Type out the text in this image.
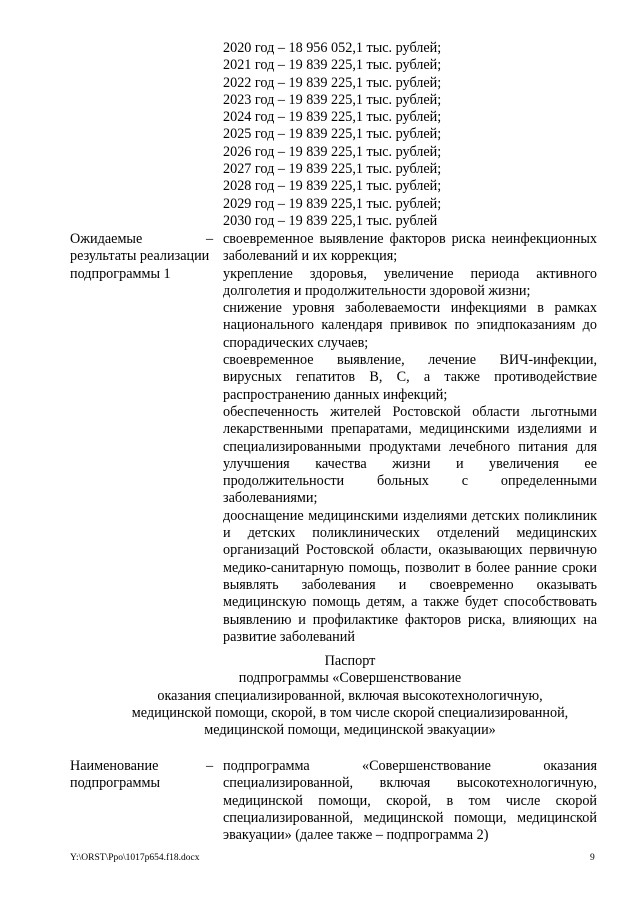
2020 год – 18 956 052,1 тыс. рублей;
2021 год – 19 839 225,1 тыс. рублей;
2022 год – 19 839 225,1 тыс. рублей;
2023 год – 19 839 225,1 тыс. рублей;
2024 год – 19 839 225,1 тыс. рублей;
2025 год – 19 839 225,1 тыс. рублей;
2026 год – 19 839 225,1 тыс. рублей;
2027 год – 19 839 225,1 тыс. рублей;
2028 год – 19 839 225,1 тыс. рублей;
2029 год – 19 839 225,1 тыс. рублей;
2030 год – 19 839 225,1 тыс. рублей
Ожидаемые результаты реализации подпрограммы 1
– своевременное выявление факторов риска неинфекционных заболеваний и их коррекция;
укрепление здоровья, увеличение периода активного долголетия и продолжительности здоровой жизни;
снижение уровня заболеваемости инфекциями в рамках национального календаря прививок по эпидпоказаниям до спорадических случаев;
своевременное выявление, лечение ВИЧ-инфекции, вирусных гепатитов В, С, а также противодействие распространению данных инфекций;
обеспеченность жителей Ростовской области льготными лекарственными препаратами, медицинскими изделиями и специализированными продуктами лечебного питания для улучшения качества жизни и увеличения ее продолжительности больных с определенными заболеваниями;
дооснащение медицинскими изделиями детских поликлиник и детских поликлинических отделений медицинских организаций Ростовской области, оказывающих первичную медико-санитарную помощь, позволит в более ранние сроки выявлять заболевания и своевременно оказывать медицинскую помощь детям, а также будет способствовать выявлению и профилактике факторов риска, влияющих на развитие заболеваний
Паспорт
подпрограммы «Совершенствование
оказания специализированной, включая высокотехнологичную,
медицинской помощи, скорой, в том числе скорой специализированной,
медицинской помощи, медицинской эвакуации»
Наименование подпрограммы
– подпрограмма «Совершенствование оказания специализированной, включая высокотехнологичную, медицинской помощи, скорой, в том числе скорой специализированной, медицинской помощи, медицинской эвакуации» (далее также – подпрограмма 2)
Y:\ORST\Ppo\1017p654.f18.docx	9
